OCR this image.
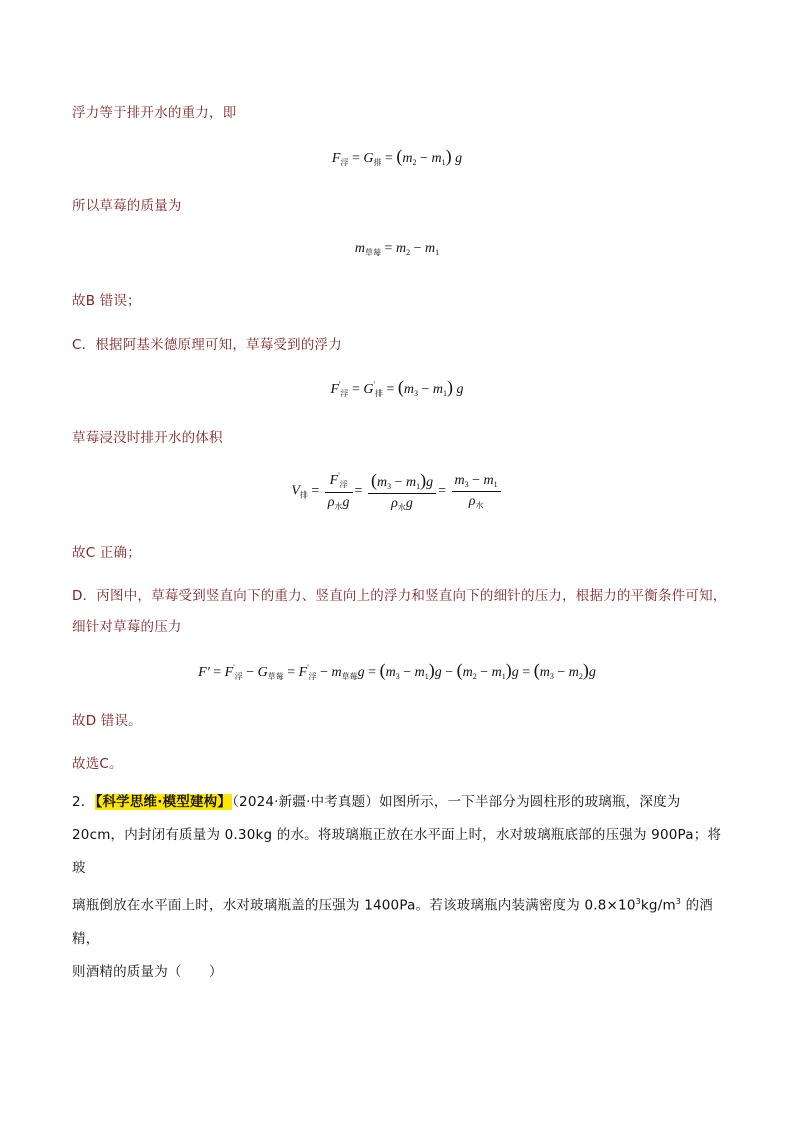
浮力等于排开水的重力，即
$F_浮 = G_排 = (m_2 - m_1)$ g
所以草莓的质量为
$m_{草莓} = m_2 - m_1$
故B 错误；
C．根据阿基米德原理可知，草莓受到的浮力
$F'_浮 = G'_排 = (m_3 - m_1)$ g
草莓浸没时排开水的体积
$V_排 = \frac{F'_浮}{\rho_水g} = \frac{(m_3 - m_1)g}{\rho_水g} = \frac{m_3 - m_1}{\rho_水}$
故C 正确；
D．丙图中，草莓受到竖直向下的重力、竖直向上的浮力和竖直向下的细针的压力，根据力的平衡条件可知，
细针对草莓的压力
$F' = F'_浮 - G_{草莓} = F'_浮 - m_{草莓}g = (m_3 - m_1)g - (m_2 - m_1)g = (m_3 - m_2)g$
故D 错误。
故选C。
2．【科学思维·模型建构】（2024·新疆·中考真题）如图所示，一下半部分为圆柱形的玻璃瓶，深度为
20cm，内封闭有质量为 0.30kg 的水。将玻璃瓶正放在水平面上时，水对玻璃瓶底部的压强为 900Pa；将玻
璃瓶倒放在水平面上时，水对玻璃瓶盖的压强为 1400Pa。若该玻璃瓶内装满密度为 $0.8\times 10^3kg/m^3$ 的酒精，
则酒精的质量为（　　）
